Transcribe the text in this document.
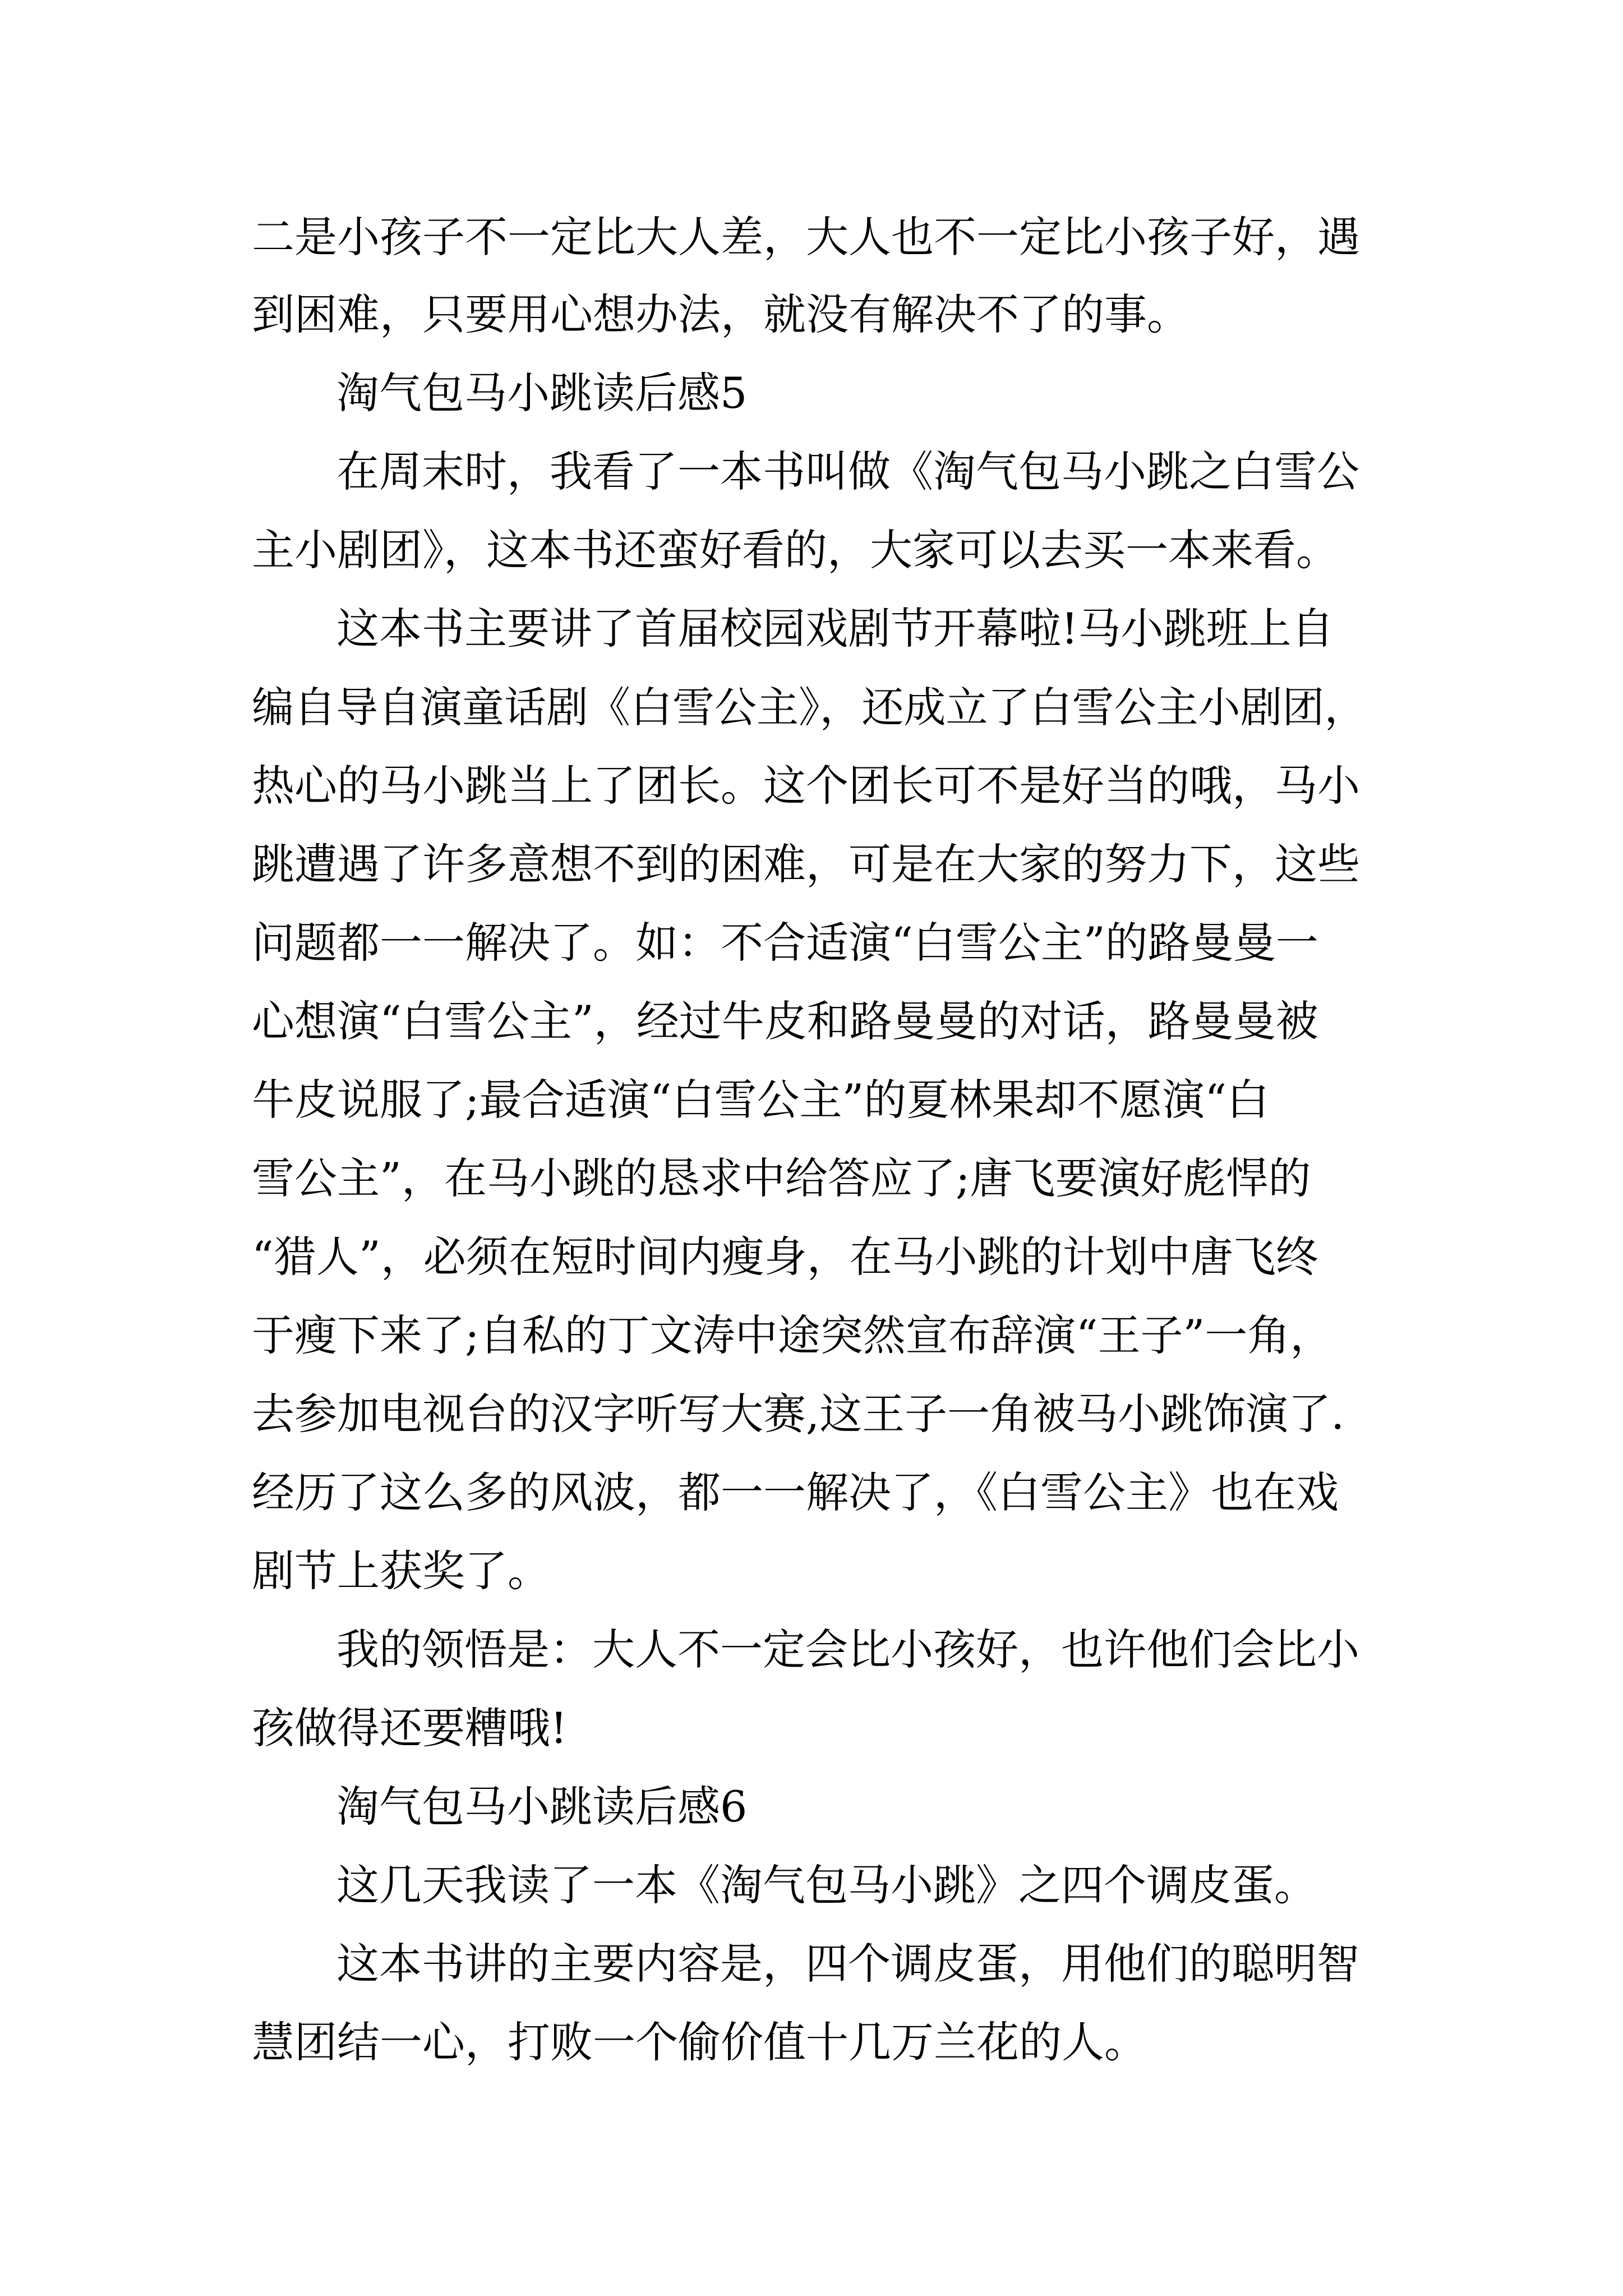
二是小孩子不一定比大人差，大人也不一定比小孩子好，遇
到困难，只要用心想办法，就没有解决不了的事。
淘气包马小跳读后感5
在周末时，我看了一本书叫做《淘气包马小跳之白雪公
主小剧团》，这本书还蛮好看的，大家可以去买一本来看。
这本书主要讲了首届校园戏剧节开幕啦!马小跳班上自
编自导自演童话剧《白雪公主》，还成立了白雪公主小剧团，
热心的马小跳当上了团长。这个团长可不是好当的哦，马小
跳遭遇了许多意想不到的困难，可是在大家的努力下，这些
问题都一一解决了。如：不合适演“白雪公主”的路曼曼一
心想演“白雪公主”，经过牛皮和路曼曼的对话，路曼曼被
牛皮说服了;最合适演“白雪公主”的夏林果却不愿演“白
雪公主”，在马小跳的恳求中给答应了;唐飞要演好彪悍的
“猎人”，必须在短时间内瘦身，在马小跳的计划中唐飞终
于瘦下来了;自私的丁文涛中途突然宣布辞演“王子”一角，
去参加电视台的汉字听写大赛,这王子一角被马小跳饰演了.
经历了这么多的风波，都一一解决了，《白雪公主》也在戏
剧节上获奖了。
我的领悟是：大人不一定会比小孩好，也许他们会比小
孩做得还要糟哦!
淘气包马小跳读后感6
这几天我读了一本《淘气包马小跳》之四个调皮蛋。
这本书讲的主要内容是，四个调皮蛋，用他们的聪明智
慧团结一心，打败一个偷价值十几万兰花的人。
